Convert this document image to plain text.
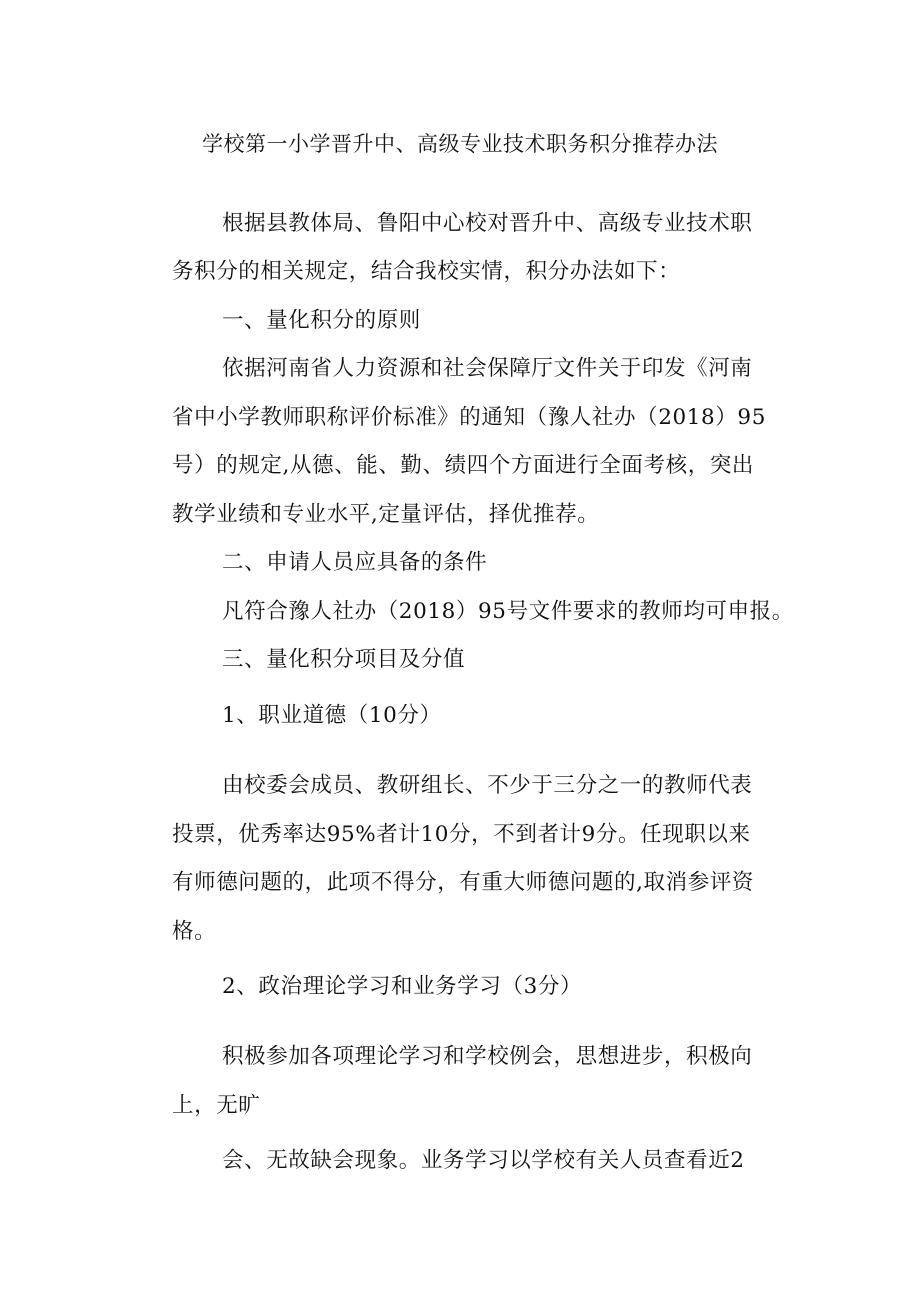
学校第一小学晋升中、高级专业技术职务积分推荐办法
根据县教体局、鲁阳中心校对晋升中、高级专业技术职
务积分的相关规定，结合我校实情，积分办法如下：
一、量化积分的原则
依据河南省人力资源和社会保障厅文件关于印发《河南
省中小学教师职称评价标准》的通知（豫人社办（2018）95
号）的规定,从德、能、勤、绩四个方面进行全面考核，突出
教学业绩和专业水平,定量评估，择优推荐。
二、申请人员应具备的条件
凡符合豫人社办（2018）95号文件要求的教师均可申报。
三、量化积分项目及分值
1、职业道德（10分）
由校委会成员、教研组长、不少于三分之一的教师代表
投票，优秀率达95%者计10分，不到者计9分。任现职以来
有师德问题的，此项不得分，有重大师德问题的,取消参评资
格。
2、政治理论学习和业务学习（3分）
积极参加各项理论学习和学校例会，思想进步，积极向
上，无旷
会、无故缺会现象。业务学习以学校有关人员查看近2
